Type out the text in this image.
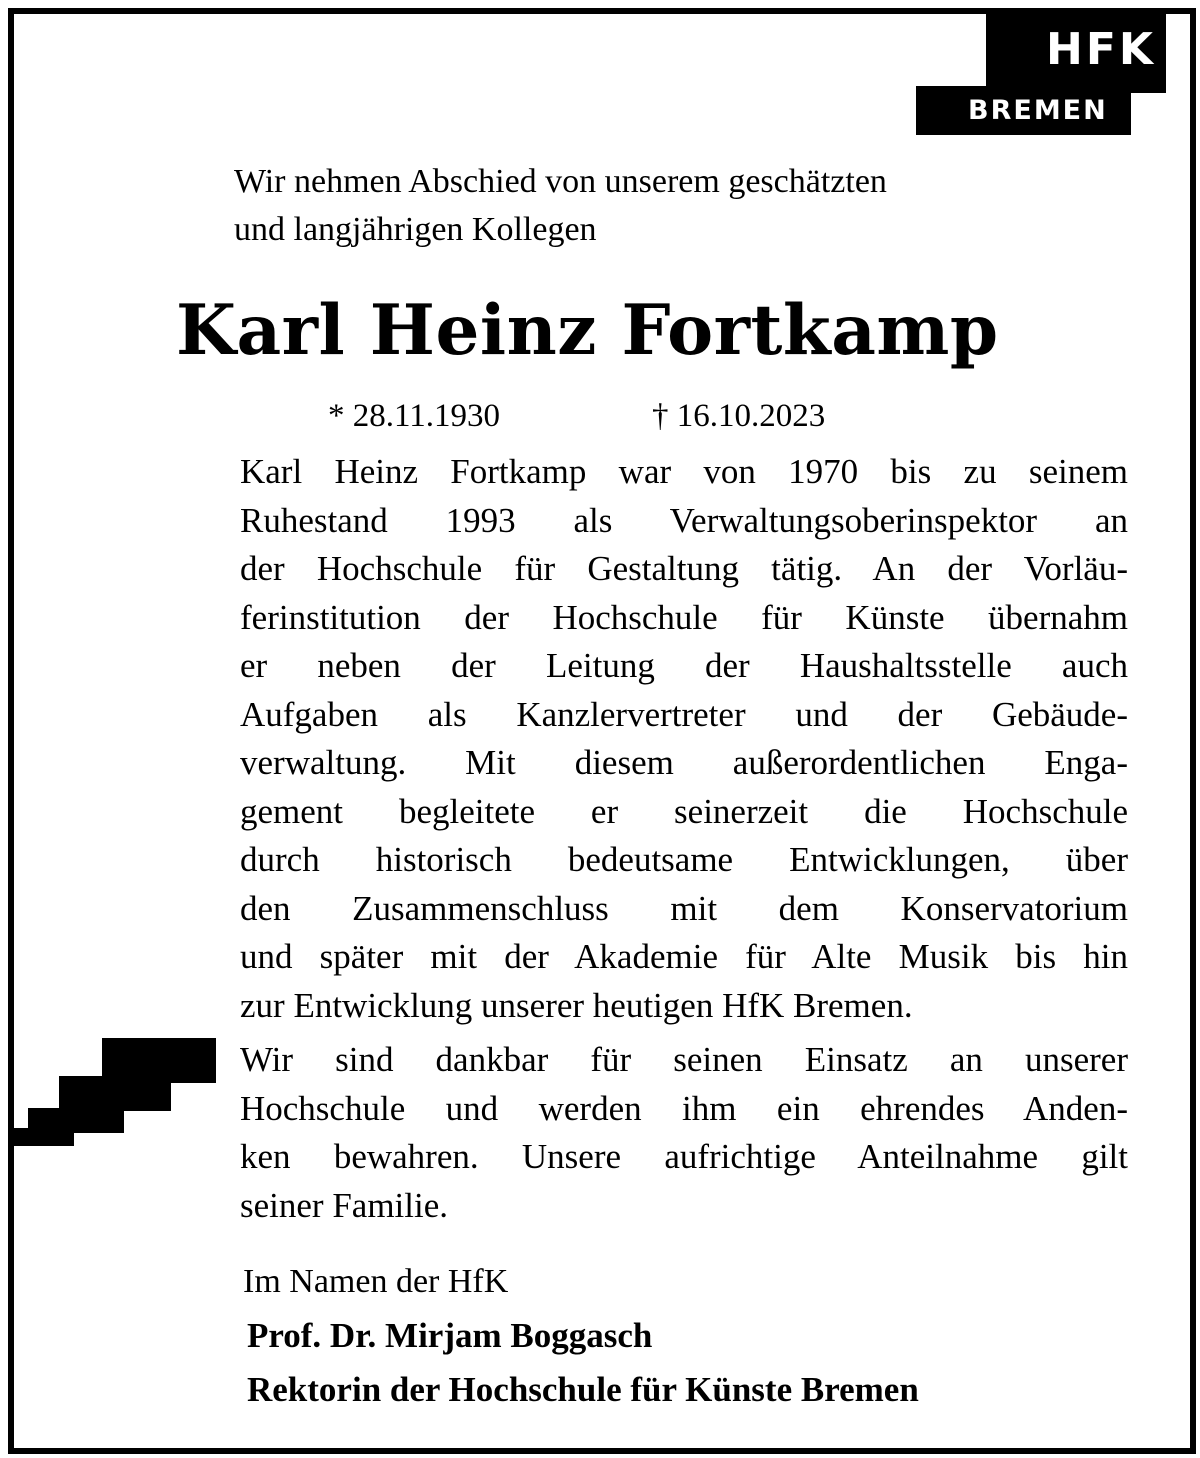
HFK
BREMEN
Wir nehmen Abschied von unserem geschätzten
und langjährigen Kollegen
Karl Heinz Fortkamp
* 28.11.1930	† 16.10.2023
Karl Heinz Fortkamp war von 1970 bis zu seinem
Ruhestand 1993 als Verwaltungsoberinspektor an
der Hochschule für Gestaltung tätig. An der Vorläu-
ferinstitution der Hochschule für Künste übernahm
er neben der Leitung der Haushaltsstelle auch
Aufgaben als Kanzlervertreter und der Gebäude-
verwaltung. Mit diesem außerordentlichen Enga-
gement begleitete er seinerzeit die Hochschule
durch historisch bedeutsame Entwicklungen, über
den Zusammenschluss mit dem Konservatorium
und später mit der Akademie für Alte Musik bis hin
zur Entwicklung unserer heutigen HfK Bremen.
Wir sind dankbar für seinen Einsatz an unserer
Hochschule und werden ihm ein ehrendes Anden-
ken bewahren. Unsere aufrichtige Anteilnahme gilt
seiner Familie.
Im Namen der HfK
Prof. Dr. Mirjam Boggasch
Rektorin der Hochschule für Künste Bremen
